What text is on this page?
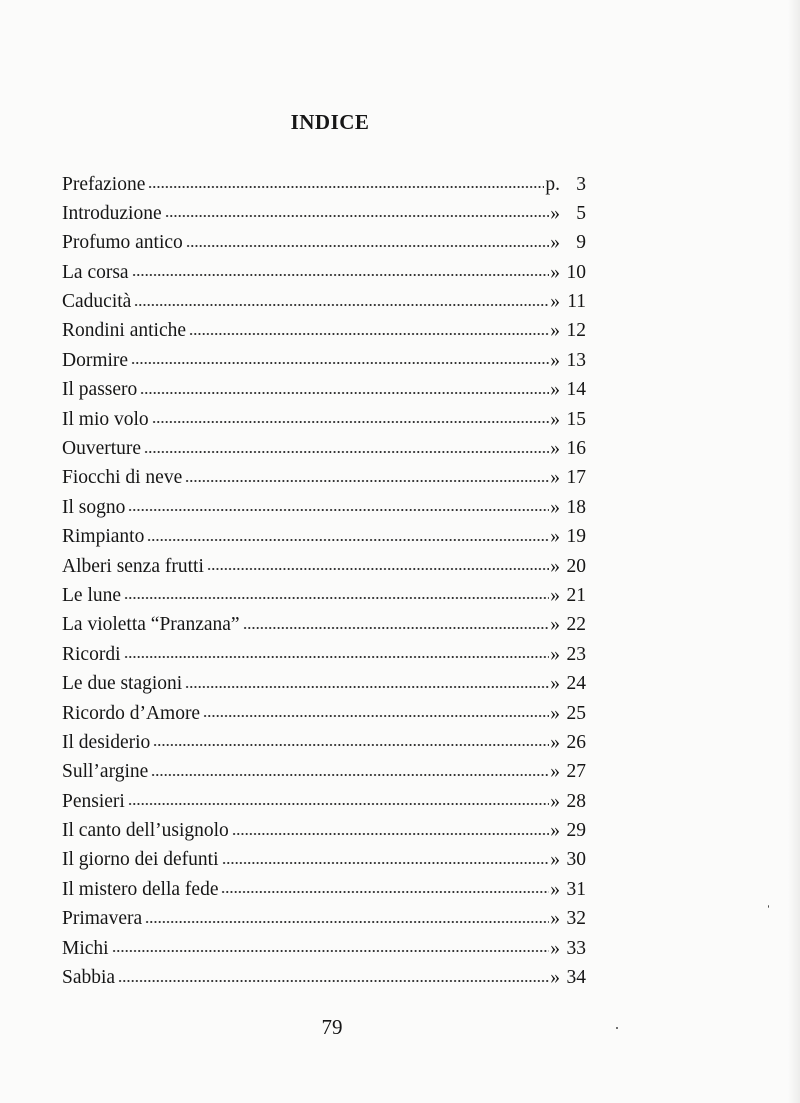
INDICE
Prefazione	p. 3
Introduzione	» 5
Profumo antico	» 9
La corsa	» 10
Caducità	» 11
Rondini antiche	» 12
Dormire	» 13
Il passero	» 14
Il mio volo	» 15
Ouverture	» 16
Fiocchi di neve	» 17
Il sogno	» 18
Rimpianto	» 19
Alberi senza frutti	» 20
Le lune	» 21
La violetta “Pranzana”	» 22
Ricordi	» 23
Le due stagioni	» 24
Ricordo d’Amore	» 25
Il desiderio	» 26
Sull’argine	» 27
Pensieri	» 28
Il canto dell’usignolo	» 29
Il giorno dei defunti	» 30
Il mistero della fede	» 31
Primavera	» 32
Michi	» 33
Sabbia	» 34
79
